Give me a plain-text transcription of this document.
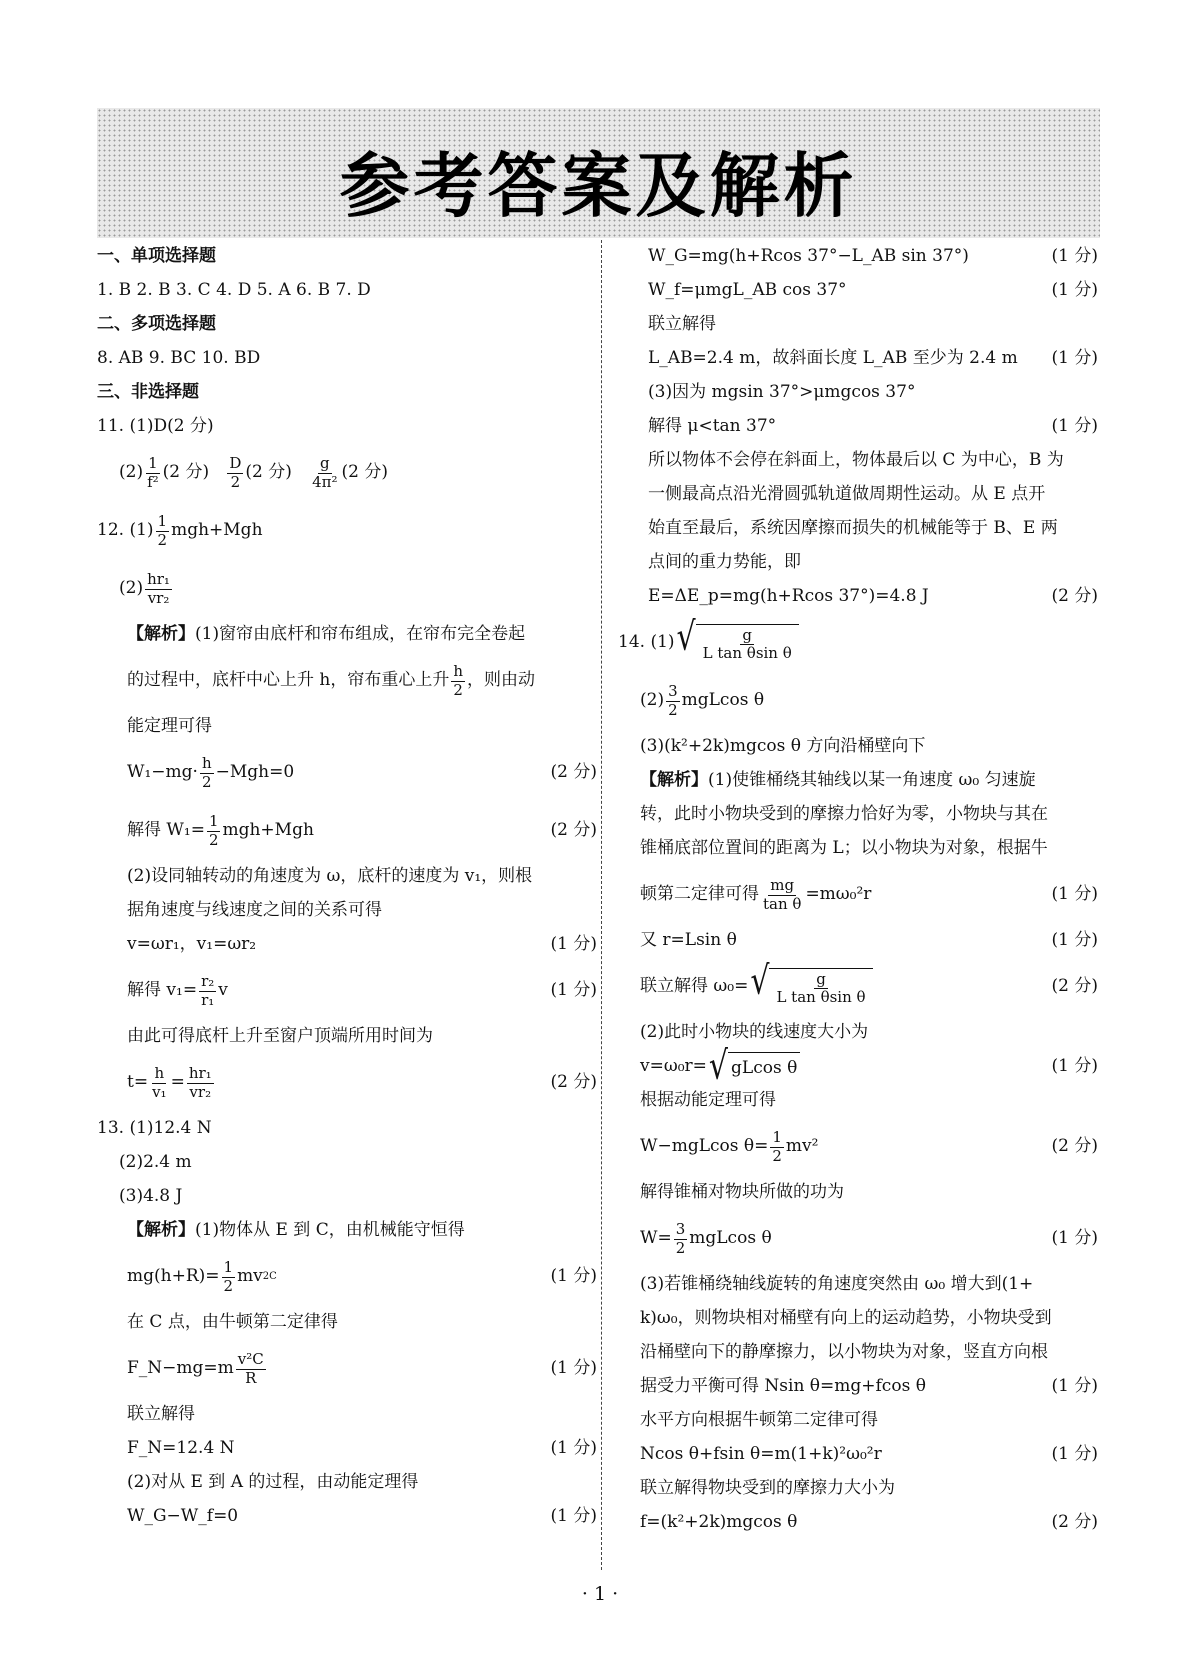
参考答案及解析
一、单项选择题
1. B 2. B 3. C 4. D 5. A 6. B 7. D
二、多项选择题
8. AB 9. BC 10. BD
三、非选择题
11. (1)D(2 分)
$(2) \frac{1}{\text{f²}} (2$ 分)
$\frac{D}{2} (2$ 分)
$\frac{g}{\text{4π²}} (2$ 分)
12. $(1) \frac{1}{2} mgh+Mgh$
$(2) \frac{\text{hr₁}}{\text{vr₂}}$
【解析】 (1)窗帘由底杆和帘布组成，在帘布完全卷起
的过程中，底杆中心上升 h，帘布重心上升 $\frac{h}{2}$ ，则由动
能定理可得
$W_1-mg\cdot \frac{h}{2} -Mgh=0$	(2 分)
解得 $W_1= \frac{1}{2} mgh+Mgh$	(2 分)
(2)设同轴转动的角速度为 ω，底杆的速度为 v₁，则根
据角速度与线速度之间的关系可得
v=ωr₁，v₁=ωr₂	(1 分)
解得 $v_1= \frac{\text{r₂}}{\text{r₁}}$ v	(1 分)
由此可得底杆上升至窗户顶端所用时间为
$t= \frac{h}{\text{v₁}} = \frac{\text{hr₁}}{\text{vr₂}}$	(2 分)
13. (1)12.4 N
(2)2.4 m
(3)4.8 J
【解析】 (1)物体从 E 到 C，由机械能守恒得
$mg(h+R)= \frac{1}{2}$ mv 2 C	(1 分)
在 C 点，由牛顿第二定律得
F_N−mg=m $\frac{\text{v²C}}{R}$	(1 分)
联立解得
F_N=12.4 N	(1 分)
(2)对从 E 到 A 的过程，由动能定理得
W_G−W_f=0	(1 分)
W_G=mg(h+Rcos 37°−L_AB sin 37°)	(1 分)
W_f=μmgL_AB cos 37°	(1 分)
联立解得
L_AB=2.4 m，故斜面长度 L_AB 至少为 2.4 m (1 分)
(3)因为 mgsin 37°>μmgcos 37°
解得 μ<tan 37°	(1 分)
所以物体不会停在斜面上，物体最后以 C 为中心，B 为
一侧最高点沿光滑圆弧轨道做周期性运动。从 E 点开
始直至最后，系统因摩擦而损失的机械能等于 B、E 两
点间的重力势能，即
E=ΔE_p=mg(h+Rcos 37°)=4.8 J	(2 分)
14. (1) √ $\frac{g}{\text{L tan θsin θ}}$
$(2) \frac{3}{2}$ mgLcos θ
(3)(k²+2k)mgcos θ 方向沿桶壁向下
【解析】 (1)使锥桶绕其轴线以某一角速度 ω₀ 匀速旋
转，此时小物块受到的摩擦力恰好为零，小物块与其在
锥桶底部位置间的距离为 L；以小物块为对象，根据牛
顿第二定律可得 $\frac{mg}{\text{tan θ}} =m\omega_0^2r$	(1 分)
又 r=Lsin θ	(1 分)
联立解得 ω₀= √ $\frac{g}{\text{L tan θsin θ}}$	(2 分)
(2)此时小物块的线速度大小为
v=ω₀r= √ gLcos θ	(1 分)
根据动能定理可得
W−mgLcos $\theta= \frac{1}{2} mv^2$	(2 分)
解得锥桶对物块所做的功为
$W= \frac{3}{2}$ mgLcos θ	(1 分)
(3)若锥桶绕轴线旋转的角速度突然由 ω₀ 增大到(1+
k)ω₀，则物块相对桶壁有向上的运动趋势，小物块受到
沿桶壁向下的静摩擦力，以小物块为对象，竖直方向根
据受力平衡可得 Nsin θ=mg+fcos θ	(1 分)
水平方向根据牛顿第二定律可得
Ncos θ+fsin θ=m(1+k)²ω₀²r	(1 分)
联立解得物块受到的摩擦力大小为
f=(k²+2k)mgcos θ	(2 分)
· 1 ·
